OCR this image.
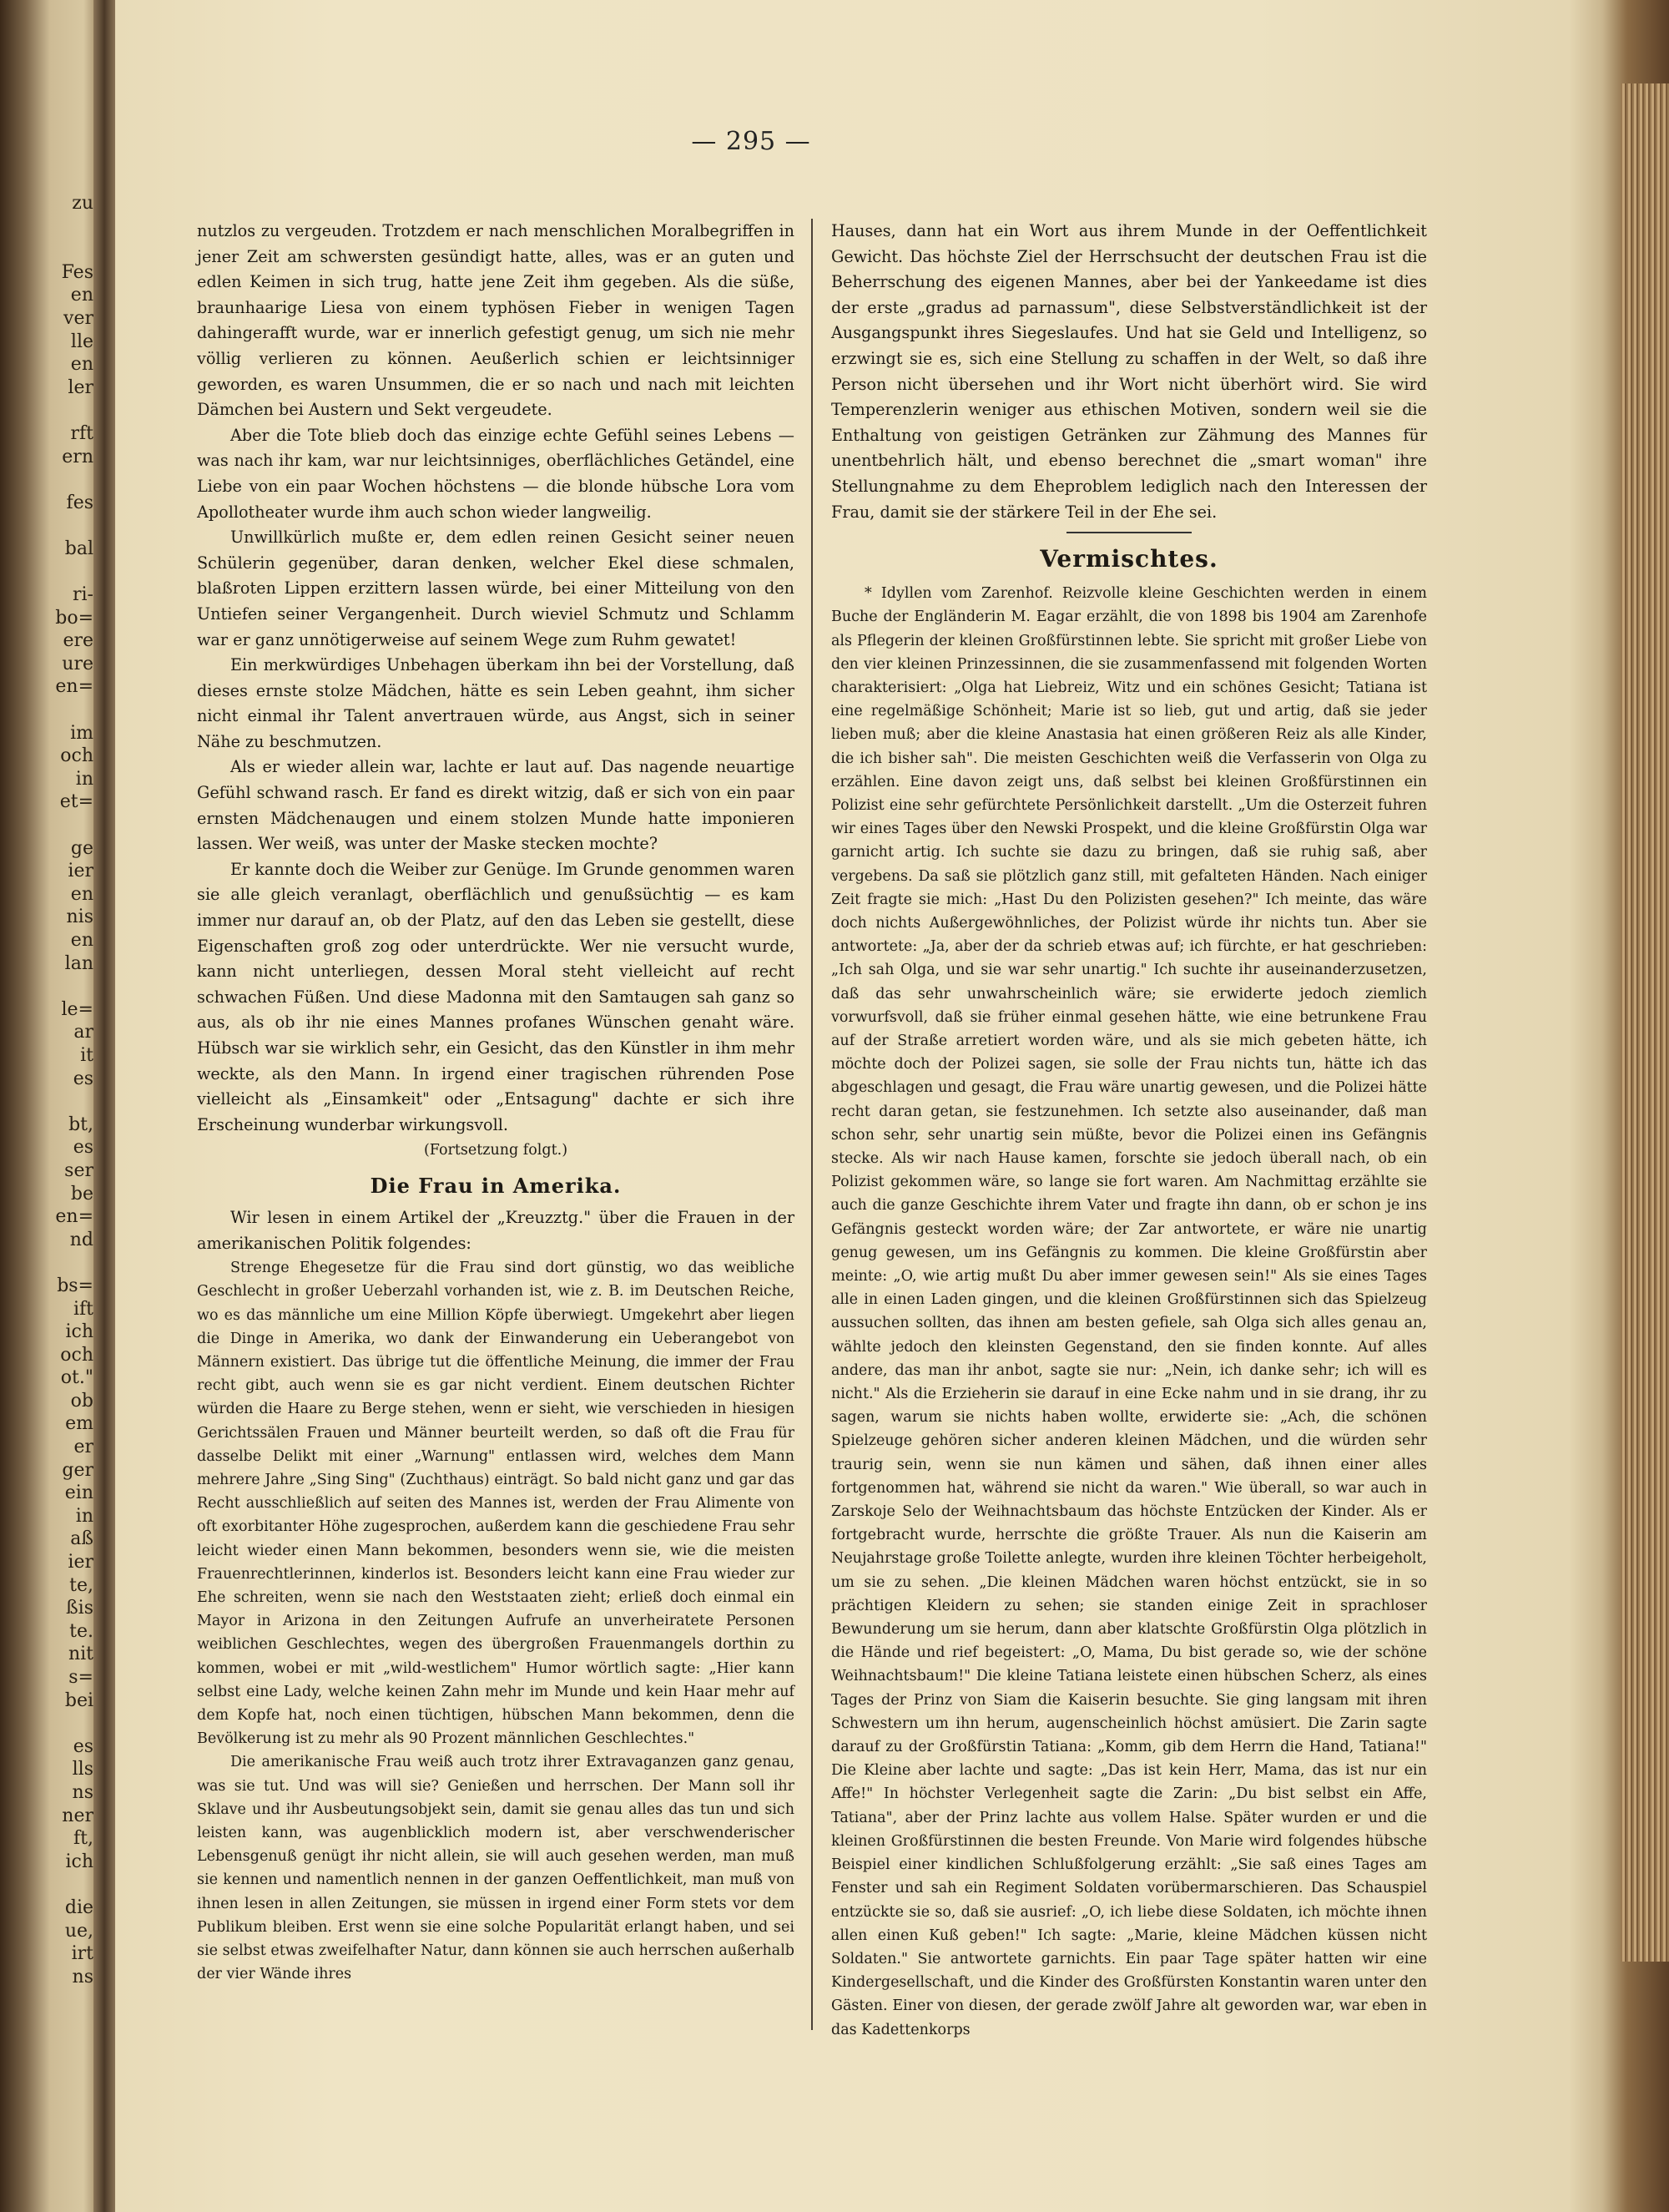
zu
Fes
en
ver
lle
en
ler
rft
ern
fes
bal
ri-
bo=
ere
ure
en=
im
och
in
et=
ge
ier
en
nis
en
lan
le=
ar
it
es
bt,
es
ser
be
en=
nd
bs=
ift
ich
och
ot."
ob
em
er
ger
ein
in
aß
ier
te,
ßis
te.
nit
s=
bei
es
lls
ns
ner
ft,
ich
die
ue,
irt
ns
— 295 —

nutzlos zu vergeuden. Trotzdem er nach menschlichen Moralbegriffen in jener Zeit am schwersten gesündigt hatte, alles, was er an guten und edlen Keimen in sich trug, hatte jene Zeit ihm gegeben. Als die süße, braunhaarige Liesa von einem typhösen Fieber in wenigen Tagen dahingerafft wurde, war er innerlich gefestigt genug, um sich nie mehr völlig verlieren zu können. Aeußerlich schien er leichtsinniger geworden, es waren Unsummen, die er so nach und nach mit leichten Dämchen bei Austern und Sekt vergeudete.

Aber die Tote blieb doch das einzige echte Gefühl seines Lebens — was nach ihr kam, war nur leichtsinniges, oberflächliches Getändel, eine Liebe von ein paar Wochen höchstens — die blonde hübsche Lora vom Apollotheater wurde ihm auch schon wieder langweilig.

Unwillkürlich mußte er, dem edlen reinen Gesicht seiner neuen Schülerin gegenüber, daran denken, welcher Ekel diese schmalen, blaßroten Lippen erzittern lassen würde, bei einer Mitteilung von den Untiefen seiner Vergangenheit. Durch wieviel Schmutz und Schlamm war er ganz unnötigerweise auf seinem Wege zum Ruhm gewatet!

Ein merkwürdiges Unbehagen überkam ihn bei der Vorstellung, daß dieses ernste stolze Mädchen, hätte es sein Leben geahnt, ihm sicher nicht einmal ihr Talent anvertrauen würde, aus Angst, sich in seiner Nähe zu beschmutzen.

Als er wieder allein war, lachte er laut auf. Das nagende neuartige Gefühl schwand rasch. Er fand es direkt witzig, daß er sich von ein paar ernsten Mädchenaugen und einem stolzen Munde hatte imponieren lassen. Wer weiß, was unter der Maske stecken mochte?

Er kannte doch die Weiber zur Genüge. Im Grunde genommen waren sie alle gleich veranlagt, oberflächlich und genußsüchtig — es kam immer nur darauf an, ob der Platz, auf den das Leben sie gestellt, diese Eigenschaften groß zog oder unterdrückte. Wer nie versucht wurde, kann nicht unterliegen, dessen Moral steht vielleicht auf recht schwachen Füßen. Und diese Madonna mit den Samtaugen sah ganz so aus, als ob ihr nie eines Mannes profanes Wünschen genaht wäre. Hübsch war sie wirklich sehr, ein Gesicht, das den Künstler in ihm mehr weckte, als den Mann. In irgend einer tragischen rührenden Pose vielleicht als „Einsamkeit" oder „Entsagung" dachte er sich ihre Erscheinung wunderbar wirkungsvoll.

(Fortsetzung folgt.)

Die Frau in Amerika.

Wir lesen in einem Artikel der „Kreuzztg." über die Frauen in der amerikanischen Politik folgendes:

Strenge Ehegesetze für die Frau sind dort günstig, wo das weibliche Geschlecht in großer Ueberzahl vorhanden ist, wie z. B. im Deutschen Reiche, wo es das männliche um eine Million Köpfe überwiegt. Umgekehrt aber liegen die Dinge in Amerika, wo dank der Einwanderung ein Ueberangebot von Männern existiert. Das übrige tut die öffentliche Meinung, die immer der Frau recht gibt, auch wenn sie es gar nicht verdient. Einem deutschen Richter würden die Haare zu Berge stehen, wenn er sieht, wie verschieden in hiesigen Gerichtssälen Frauen und Männer beurteilt werden, so daß oft die Frau für dasselbe Delikt mit einer „Warnung" entlassen wird, welches dem Mann mehrere Jahre „Sing Sing" (Zuchthaus) einträgt. So bald nicht ganz und gar das Recht ausschließlich auf seiten des Mannes ist, werden der Frau Alimente von oft exorbitanter Höhe zugesprochen, außerdem kann die geschiedene Frau sehr leicht wieder einen Mann bekommen, besonders wenn sie, wie die meisten Frauenrechtlerinnen, kinderlos ist. Besonders leicht kann eine Frau wieder zur Ehe schreiten, wenn sie nach den Weststaaten zieht; erließ doch einmal ein Mayor in Arizona in den Zeitungen Aufrufe an unverheiratete Personen weiblichen Geschlechtes, wegen des übergroßen Frauenmangels dorthin zu kommen, wobei er mit „wild-westlichem" Humor wörtlich sagte: „Hier kann selbst eine Lady, welche keinen Zahn mehr im Munde und kein Haar mehr auf dem Kopfe hat, noch einen tüchtigen, hübschen Mann bekommen, denn die Bevölkerung ist zu mehr als 90 Prozent männlichen Geschlechtes."

Die amerikanische Frau weiß auch trotz ihrer Extravaganzen ganz genau, was sie tut. Und was will sie? Genießen und herrschen. Der Mann soll ihr Sklave und ihr Ausbeutungsobjekt sein, damit sie genau alles das tun und sich leisten kann, was augenblicklich modern ist, aber verschwenderischer Lebensgenuß genügt ihr nicht allein, sie will auch gesehen werden, man muß sie kennen und namentlich nennen in der ganzen Oeffentlichkeit, man muß von ihnen lesen in allen Zeitungen, sie müssen in irgend einer Form stets vor dem Publikum bleiben. Erst wenn sie eine solche Popularität erlangt haben, und sei sie selbst etwas zweifelhafter Natur, dann können sie auch herrschen außerhalb der vier Wände ihres

Hauses, dann hat ein Wort aus ihrem Munde in der Oeffentlichkeit Gewicht. Das höchste Ziel der Herrschsucht der deutschen Frau ist die Beherrschung des eigenen Mannes, aber bei der Yankeedame ist dies der erste „gradus ad parnassum", diese Selbstverständlichkeit ist der Ausgangspunkt ihres Siegeslaufes. Und hat sie Geld und Intelligenz, so erzwingt sie es, sich eine Stellung zu schaffen in der Welt, so daß ihre Person nicht übersehen und ihr Wort nicht überhört wird. Sie wird Temperenzlerin weniger aus ethischen Motiven, sondern weil sie die Enthaltung von geistigen Getränken zur Zähmung des Mannes für unentbehrlich hält, und ebenso berechnet die „smart woman" ihre Stellungnahme zu dem Eheproblem lediglich nach den Interessen der Frau, damit sie der stärkere Teil in der Ehe sei.

Vermischtes.

* Idyllen vom Zarenhof. Reizvolle kleine Geschichten werden in einem Buche der Engländerin M. Eagar erzählt, die von 1898 bis 1904 am Zarenhofe als Pflegerin der kleinen Großfürstinnen lebte. Sie spricht mit großer Liebe von den vier kleinen Prinzessinnen, die sie zusammenfassend mit folgenden Worten charakterisiert: „Olga hat Liebreiz, Witz und ein schönes Gesicht; Tatiana ist eine regelmäßige Schönheit; Marie ist so lieb, gut und artig, daß sie jeder lieben muß; aber die kleine Anastasia hat einen größeren Reiz als alle Kinder, die ich bisher sah". Die meisten Geschichten weiß die Verfasserin von Olga zu erzählen. Eine davon zeigt uns, daß selbst bei kleinen Großfürstinnen ein Polizist eine sehr gefürchtete Persönlichkeit darstellt. „Um die Osterzeit fuhren wir eines Tages über den Newski Prospekt, und die kleine Großfürstin Olga war garnicht artig. Ich suchte sie dazu zu bringen, daß sie ruhig saß, aber vergebens. Da saß sie plötzlich ganz still, mit gefalteten Händen. Nach einiger Zeit fragte sie mich: „Hast Du den Polizisten gesehen?" Ich meinte, das wäre doch nichts Außergewöhnliches, der Polizist würde ihr nichts tun. Aber sie antwortete: „Ja, aber der da schrieb etwas auf; ich fürchte, er hat geschrieben: „Ich sah Olga, und sie war sehr unartig." Ich suchte ihr auseinanderzusetzen, daß das sehr unwahrscheinlich wäre; sie erwiderte jedoch ziemlich vorwurfsvoll, daß sie früher einmal gesehen hätte, wie eine betrunkene Frau auf der Straße arretiert worden wäre, und als sie mich gebeten hätte, ich möchte doch der Polizei sagen, sie solle der Frau nichts tun, hätte ich das abgeschlagen und gesagt, die Frau wäre unartig gewesen, und die Polizei hätte recht daran getan, sie festzunehmen. Ich setzte also auseinander, daß man schon sehr, sehr unartig sein müßte, bevor die Polizei einen ins Gefängnis stecke. Als wir nach Hause kamen, forschte sie jedoch überall nach, ob ein Polizist gekommen wäre, so lange sie fort waren. Am Nachmittag erzählte sie auch die ganze Geschichte ihrem Vater und fragte ihn dann, ob er schon je ins Gefängnis gesteckt worden wäre; der Zar antwortete, er wäre nie unartig genug gewesen, um ins Gefängnis zu kommen. Die kleine Großfürstin aber meinte: „O, wie artig mußt Du aber immer gewesen sein!" Als sie eines Tages alle in einen Laden gingen, und die kleinen Großfürstinnen sich das Spielzeug aussuchen sollten, das ihnen am besten gefiele, sah Olga sich alles genau an, wählte jedoch den kleinsten Gegenstand, den sie finden konnte. Auf alles andere, das man ihr anbot, sagte sie nur: „Nein, ich danke sehr; ich will es nicht." Als die Erzieherin sie darauf in eine Ecke nahm und in sie drang, ihr zu sagen, warum sie nichts haben wollte, erwiderte sie: „Ach, die schönen Spielzeuge gehören sicher anderen kleinen Mädchen, und die würden sehr traurig sein, wenn sie nun kämen und sähen, daß ihnen einer alles fortgenommen hat, während sie nicht da waren." Wie überall, so war auch in Zarskoje Selo der Weihnachtsbaum das höchste Entzücken der Kinder. Als er fortgebracht wurde, herrschte die größte Trauer. Als nun die Kaiserin am Neujahrstage große Toilette anlegte, wurden ihre kleinen Töchter herbeigeholt, um sie zu sehen. „Die kleinen Mädchen waren höchst entzückt, sie in so prächtigen Kleidern zu sehen; sie standen einige Zeit in sprachloser Bewunderung um sie herum, dann aber klatschte Großfürstin Olga plötzlich in die Hände und rief begeistert: „O, Mama, Du bist gerade so, wie der schöne Weihnachtsbaum!" Die kleine Tatiana leistete einen hübschen Scherz, als eines Tages der Prinz von Siam die Kaiserin besuchte. Sie ging langsam mit ihren Schwestern um ihn herum, augenscheinlich höchst amüsiert. Die Zarin sagte darauf zu der Großfürstin Tatiana: „Komm, gib dem Herrn die Hand, Tatiana!" Die Kleine aber lachte und sagte: „Das ist kein Herr, Mama, das ist nur ein Affe!" In höchster Verlegenheit sagte die Zarin: „Du bist selbst ein Affe, Tatiana", aber der Prinz lachte aus vollem Halse. Später wurden er und die kleinen Großfürstinnen die besten Freunde. Von Marie wird folgendes hübsche Beispiel einer kindlichen Schlußfolgerung erzählt: „Sie saß eines Tages am Fenster und sah ein Regiment Soldaten vorübermarschieren. Das Schauspiel entzückte sie so, daß sie ausrief: „O, ich liebe diese Soldaten, ich möchte ihnen allen einen Kuß geben!" Ich sagte: „Marie, kleine Mädchen küssen nicht Soldaten." Sie antwortete garnichts. Ein paar Tage später hatten wir eine Kindergesellschaft, und die Kinder des Großfürsten Konstantin waren unter den Gästen. Einer von diesen, der gerade zwölf Jahre alt geworden war, war eben in das Kadettenkorps
